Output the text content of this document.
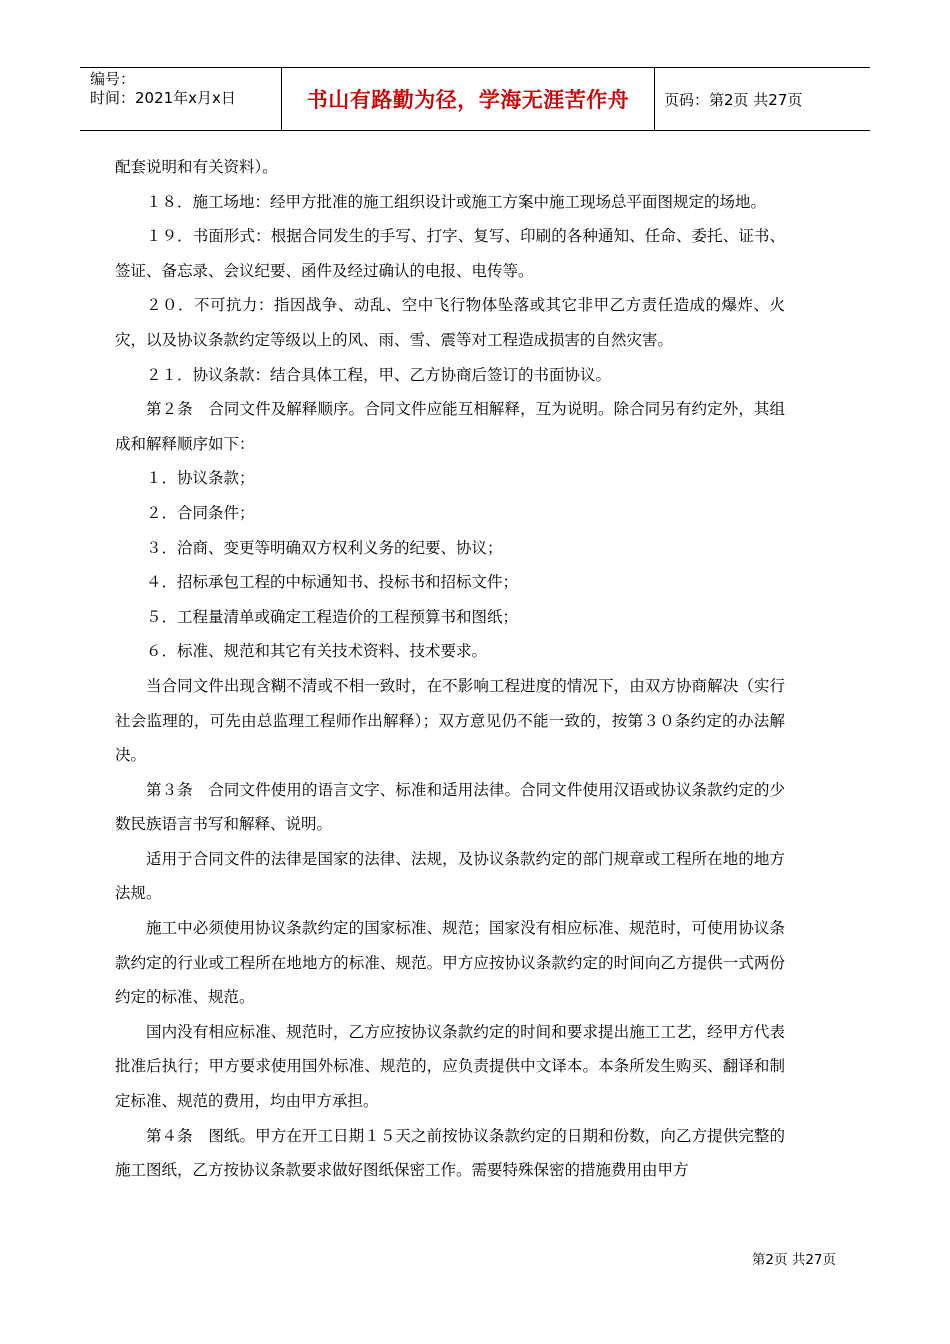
编号：
时间：2021年x月x日	书山有路勤为径，学海无涯苦作舟	页码：第2页 共27页

配套说明和有关资料）。

１８．施工场地：经甲方批准的施工组织设计或施工方案中施工现场总平面图规定的场地。

１９．书面形式：根据合同发生的手写、打字、复写、印刷的各种通知、任命、委托、证书、签证、备忘录、会议纪要、函件及经过确认的电报、电传等。

２０．不可抗力：指因战争、动乱、空中飞行物体坠落或其它非甲乙方责任造成的爆炸、火灾，以及协议条款约定等级以上的风、雨、雪、震等对工程造成损害的自然灾害。

２１．协议条款：结合具体工程，甲、乙方协商后签订的书面协议。

第２条　合同文件及解释顺序。合同文件应能互相解释，互为说明。除合同另有约定外，其组成和解释顺序如下：

１．协议条款；

２．合同条件；

３．洽商、变更等明确双方权利义务的纪要、协议；

４．招标承包工程的中标通知书、投标书和招标文件；

５．工程量清单或确定工程造价的工程预算书和图纸；

６．标准、规范和其它有关技术资料、技术要求。

当合同文件出现含糊不清或不相一致时，在不影响工程进度的情况下，由双方协商解决（实行社会监理的，可先由总监理工程师作出解释）；双方意见仍不能一致的，按第３０条约定的办法解决。

第３条　合同文件使用的语言文字、标准和适用法律。合同文件使用汉语或协议条款约定的少数民族语言书写和解释、说明。

适用于合同文件的法律是国家的法律、法规，及协议条款约定的部门规章或工程所在地的地方法规。

施工中必须使用协议条款约定的国家标准、规范；国家没有相应标准、规范时，可使用协议条款约定的行业或工程所在地地方的标准、规范。甲方应按协议条款约定的时间向乙方提供一式两份约定的标准、规范。

国内没有相应标准、规范时，乙方应按协议条款约定的时间和要求提出施工工艺，经甲方代表批准后执行；甲方要求使用国外标准、规范的，应负责提供中文译本。本条所发生购买、翻译和制定标准、规范的费用，均由甲方承担。

第４条　图纸。甲方在开工日期１５天之前按协议条款约定的日期和份数，向乙方提供完整的施工图纸，乙方按协议条款要求做好图纸保密工作。需要特殊保密的措施费用由甲方

第2页 共27页
